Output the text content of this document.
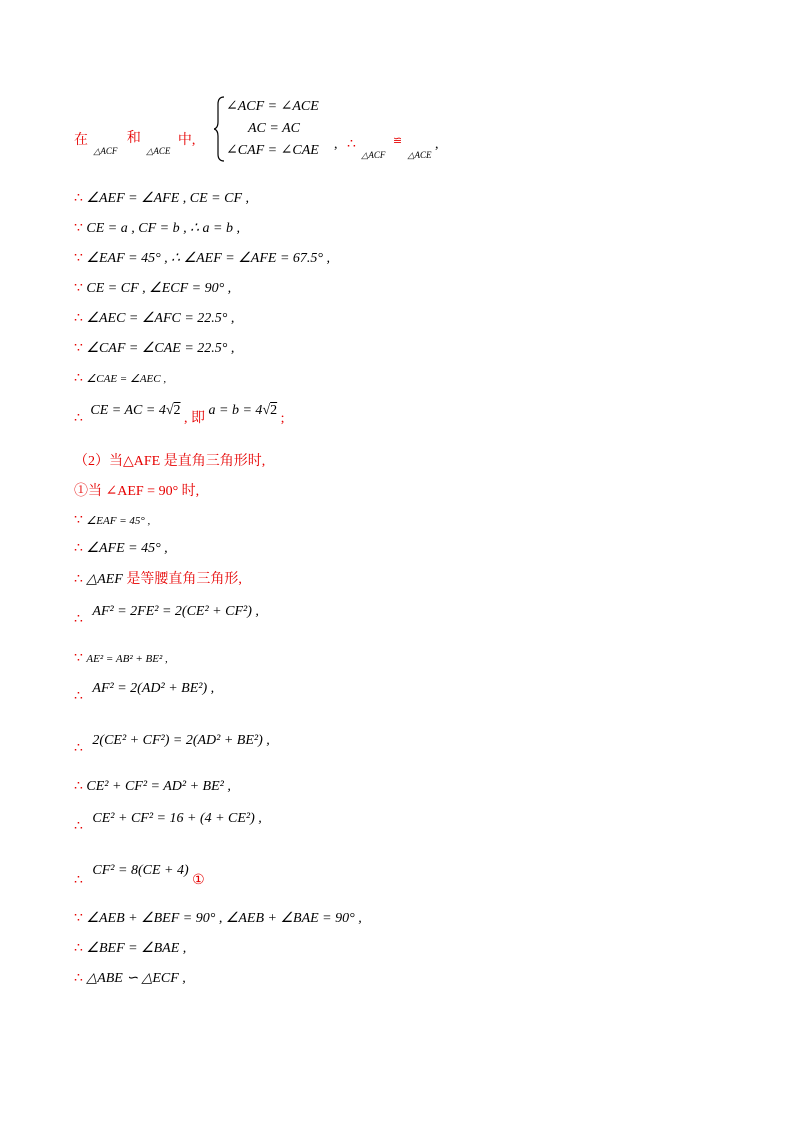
在 $_{\triangle ACF}$ 和 $_{\triangle ACE}$ 中,
∠ACF = ∠ACE
AC = AC
∠CAF = ∠CAE , ∴ $_{\triangle ACF}$ ≌ $_{\triangle ACE}$ ,
∴ ∠AEF = ∠AFE , CE = CF ,
∵ CE = a , CF = b , ∴ a = b ,
∵ ∠EAF = 45° , ∴ ∠AEF = ∠AFE = 67.5° ,
∵ CE = CF , ∠ECF = 90° ,
∴ ∠AEC = ∠AFC = 22.5° ,
∵ ∠CAF = ∠CAE = 22.5° ,
∴ ∠CAE = ∠AEC ,
∴ CE = AC = 4√2 , 即 a = b = 4√2 ;
（2）当△AFE 是直角三角形时,
①当 ∠AEF = 90° 时,
∵ ∠EAF = 45° ,
∴ ∠AFE = 45° ,
∴ △AEF 是等腰直角三角形,
∴ AF² = 2FE² = 2(CE² + CF²) ,
∵ AE² = AB² + BE² ,
∴ AF² = 2(AD² + BE²) ,
∴ 2(CE² + CF²) = 2(AD² + BE²) ,
∴ CE² + CF² = AD² + BE² ,
∴ CE² + CF² = 16 + (4 + CE²) ,
∴ CF² = 8(CE + 4) ①
∵ ∠AEB + ∠BEF = 90° , ∠AEB + ∠BAE = 90° ,
∴ ∠BEF = ∠BAE ,
∴ △ABE ∽ △ECF ,
